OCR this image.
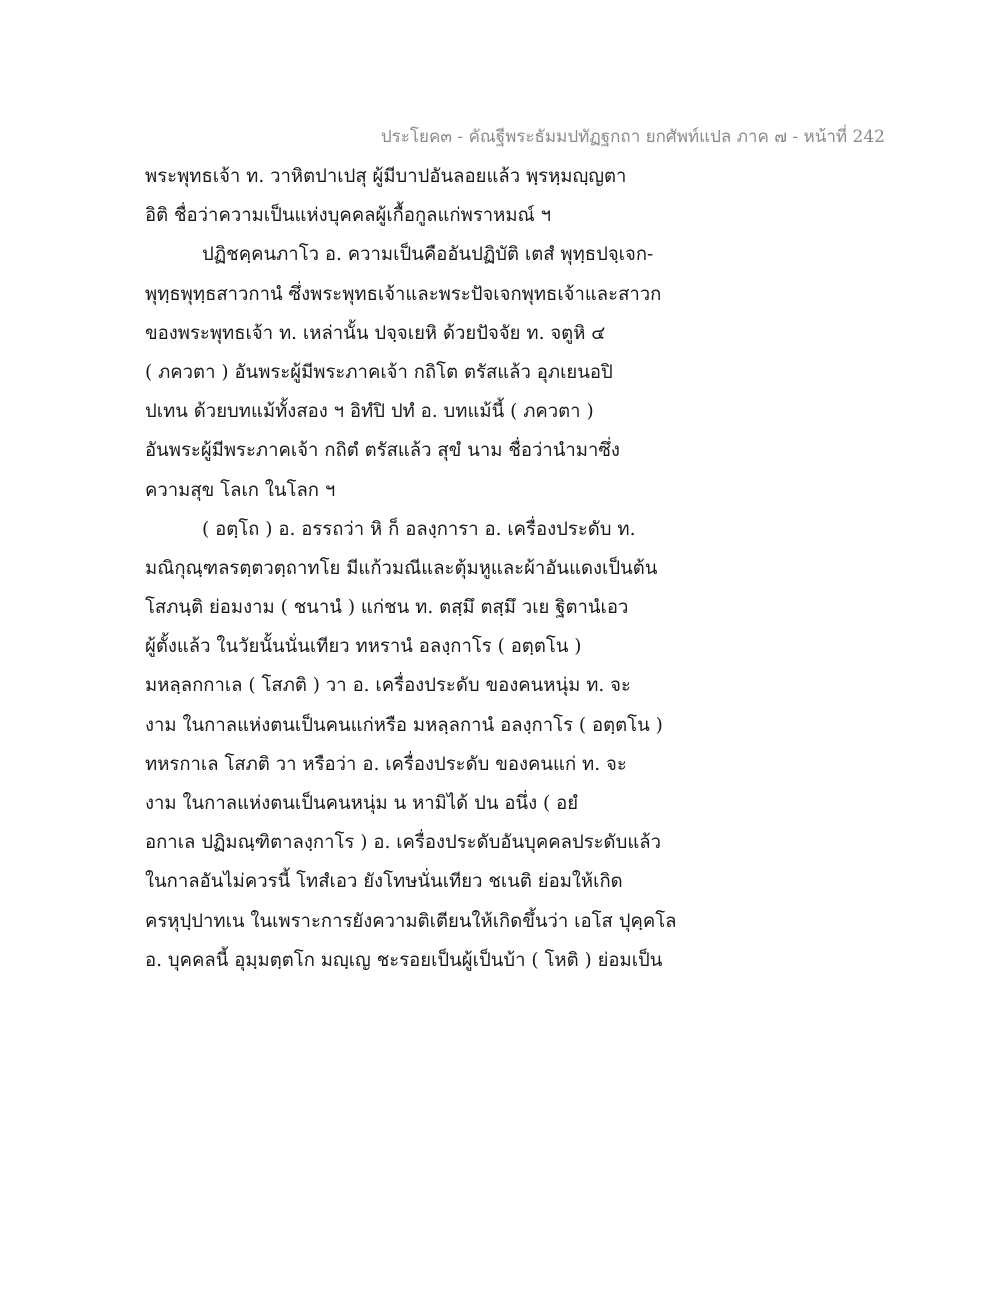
ประโยค๓ - คัณฐีพระธัมมปทัฏฐกถา ยกศัพท์แปล ภาค ๗ - หน้าที่ 242
พระพุทธเจ้า ท. วาหิตปาเปสุ ผู้มีบาปอันลอยแล้ว พฺรหฺมญฺญตา
อิติ ชื่อว่าความเป็นแห่งบุคคลผู้เกื้อกูลแก่พราหมณ์ ฯ
ปฏิชคฺคนภาโว อ. ความเป็นคืออันปฏิบัติ เตสํ พุทฺธปจฺเจก-
พุทฺธพุทฺธสาวกานํ ซึ่งพระพุทธเจ้าและพระปัจเจกพุทธเจ้าและสาวก
ของพระพุทธเจ้า ท. เหล่านั้น ปจฺจเยหิ ด้วยปัจจัย ท. จตูหิ ๔
( ภควตา ) อันพระผู้มีพระภาคเจ้า กถิโต ตรัสแล้ว อุภเยนอปิ
ปเทน ด้วยบทแม้ทั้งสอง ฯ อิทํปิ ปทํ อ. บทแม้นี้ ( ภควตา )
อันพระผู้มีพระภาคเจ้า กถิตํ ตรัสแล้ว สุขํ นาม ชื่อว่านำมาซึ่ง
ความสุข โลเก ในโลก ฯ
( อตฺโถ ) อ. อรรถว่า หิ ก็ อลงฺการา อ. เครื่องประดับ ท.
มณิกุณฺฑลรตฺตวตฺถาทโย มีแก้วมณีและตุ้มหูและผ้าอันแดงเป็นต้น
โสภนฺติ ย่อมงาม ( ชนานํ ) แก่ชน ท. ตสฺมึ ตสฺมึ วเย ฐิตานํเอว
ผู้ตั้งแล้ว ในวัยนั้นนั่นเทียว ทหรานํ อลงฺกาโร ( อตฺตโน )
มหลฺลกกาเล ( โสภติ ) วา อ. เครื่องประดับ ของคนหนุ่ม ท. จะ
งาม ในกาลแห่งตนเป็นคนแก่หรือ มหลฺลกานํ อลงฺกาโร ( อตฺตโน )
ทหรกาเล โสภติ วา หรือว่า อ. เครื่องประดับ ของคนแก่ ท. จะ
งาม ในกาลแห่งตนเป็นคนหนุ่ม น หามิได้ ปน อนึ่ง ( อยํ
อกาเล ปฏิมณฺฑิตาลงฺกาโร ) อ. เครื่องประดับอันบุคคลประดับแล้ว
ในกาลอันไม่ควรนี้ โทสํเอว ยังโทษนั่นเทียว ชเนติ ย่อมให้เกิด
ครหุปฺปาทเน ในเพราะการยังความติเตียนให้เกิดขึ้นว่า เอโส ปุคฺคโล
อ. บุคคลนี้ อุมฺมตฺตโก มญฺเญ ชะรอยเป็นผู้เป็นบ้า ( โหติ ) ย่อมเป็น
